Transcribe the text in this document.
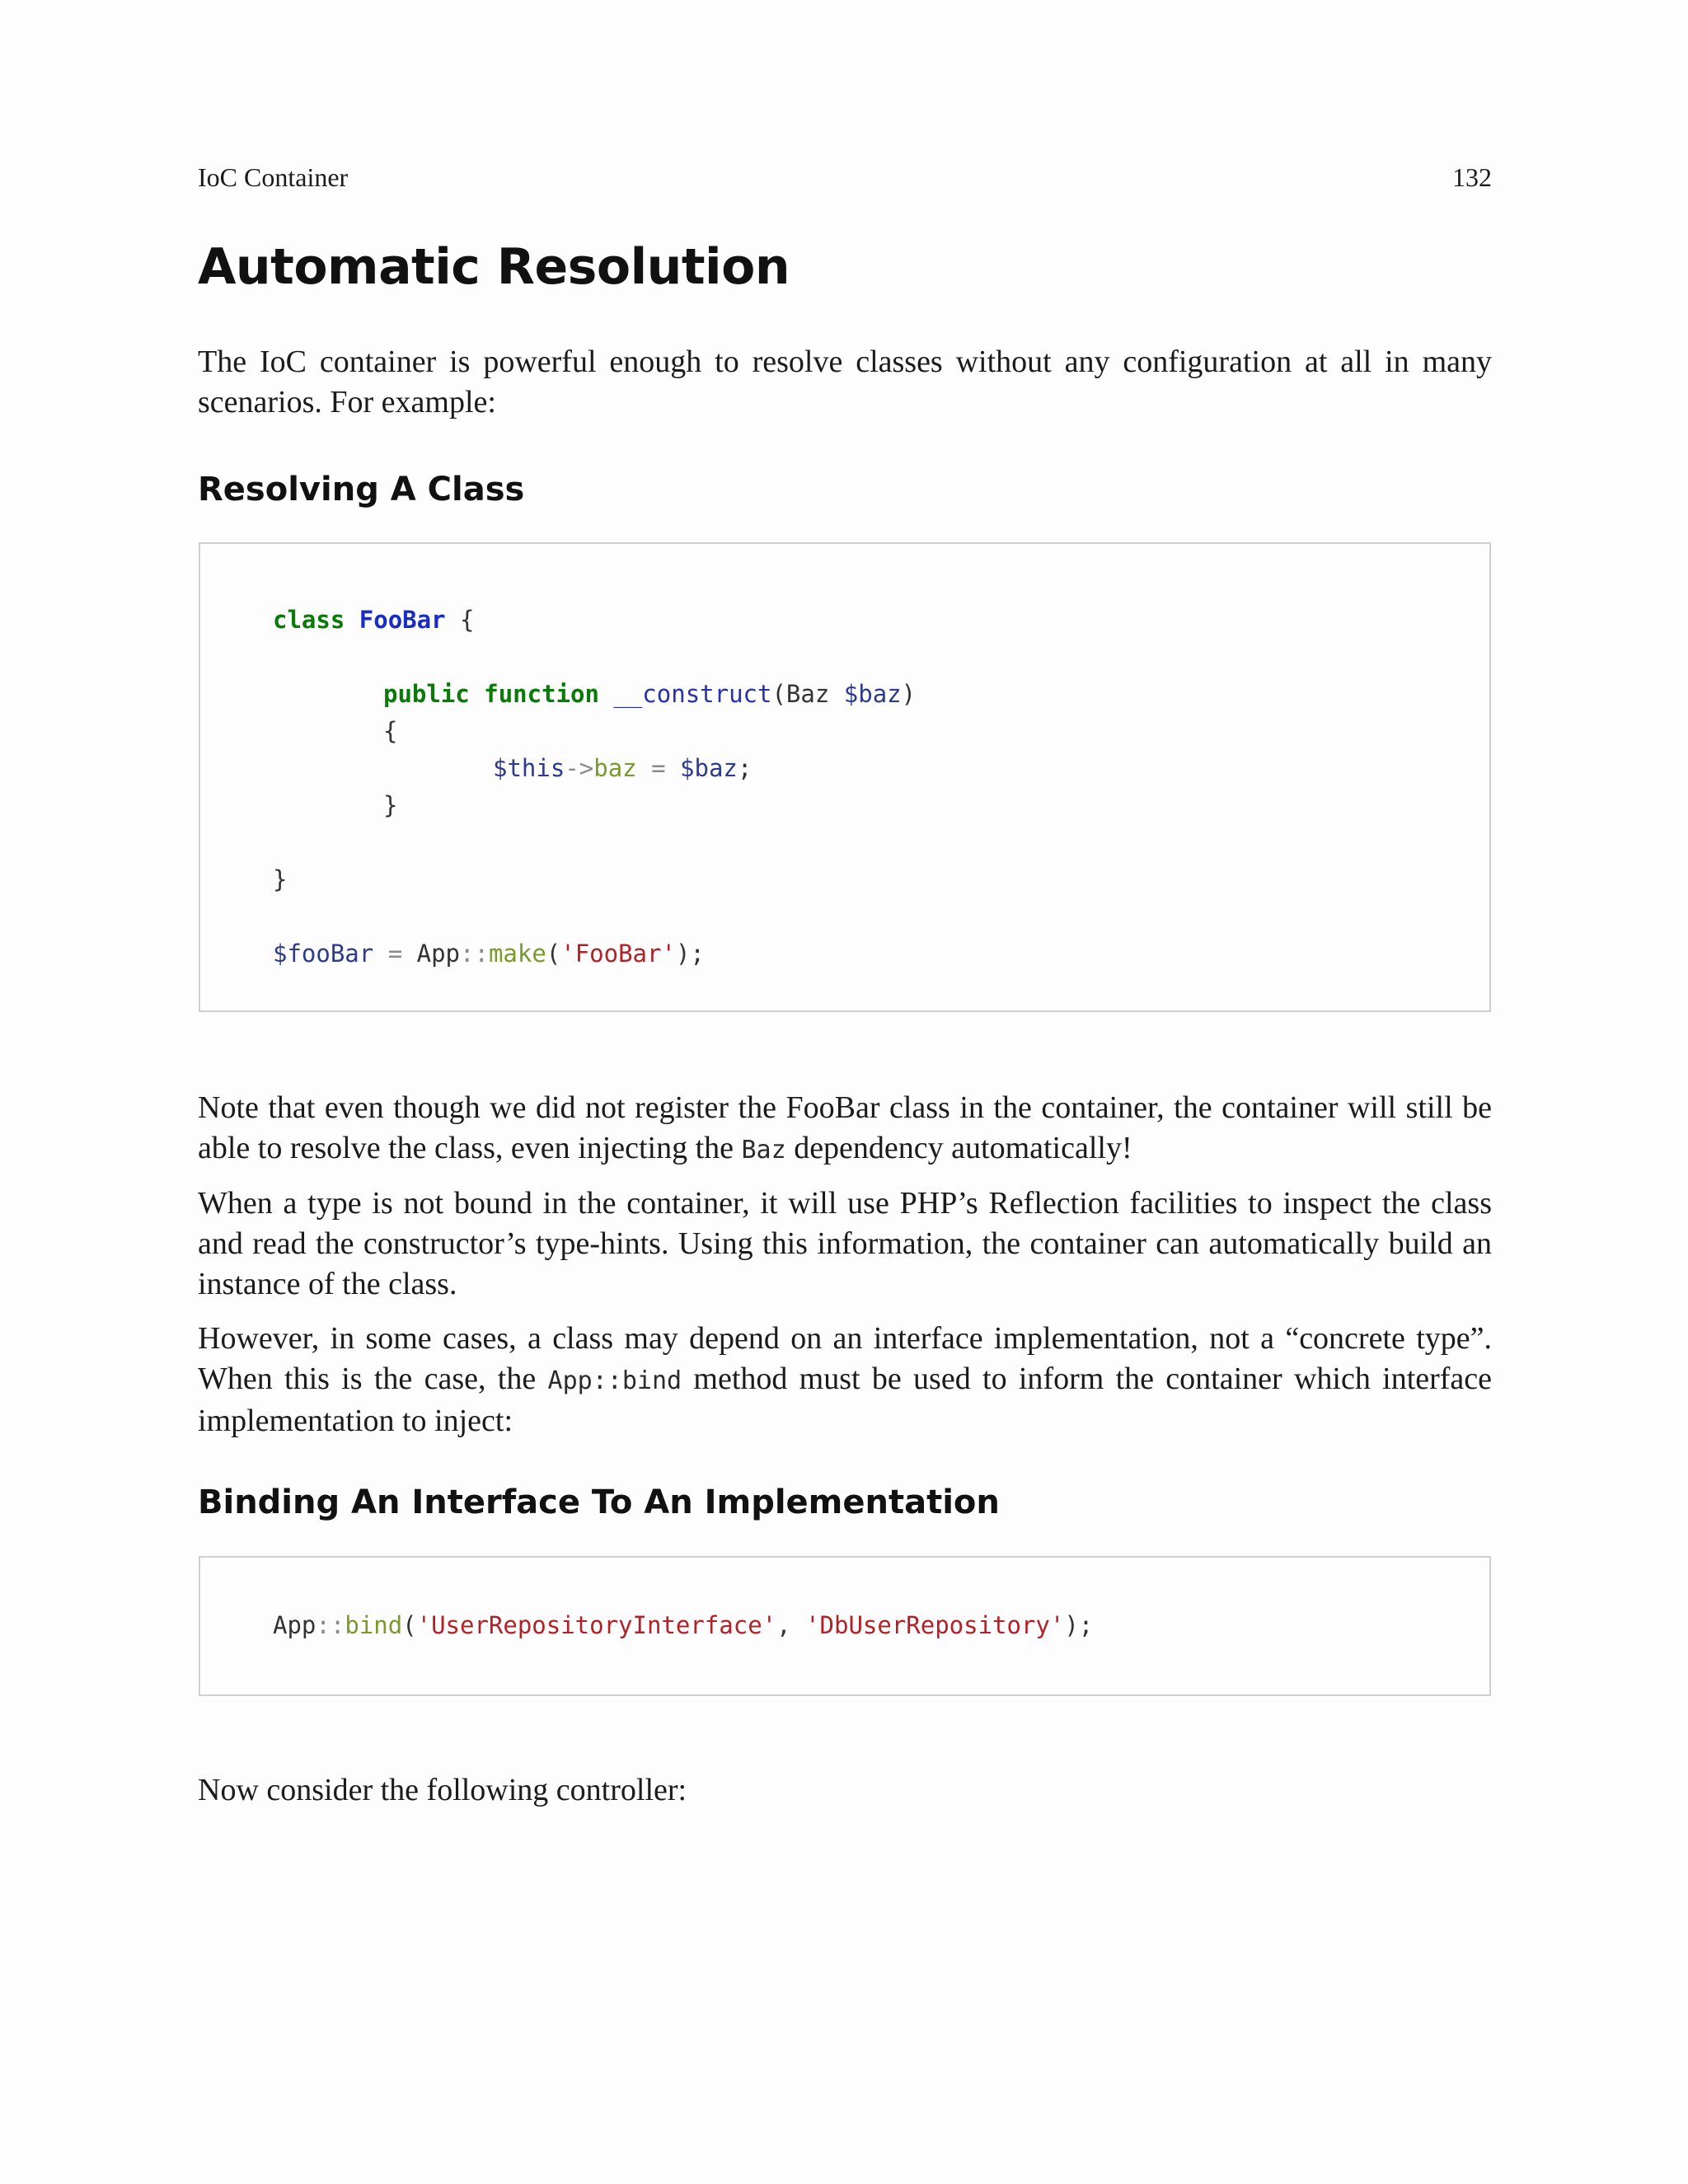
IoC Container	132
Automatic Resolution

The IoC container is powerful enough to resolve classes without any configuration at all in many scenarios. For example:

Resolving A Class
class FooBar {
public function __construct(Baz $baz)
{
$this->baz = $baz;
}
}
$fooBar = App::make('FooBar');

Note that even though we did not register the FooBar class in the container, the container will still be able to resolve the class, even injecting the Baz dependency automatically!

When a type is not bound in the container, it will use PHP’s Reflection facilities to inspect the class and read the constructor’s type-hints. Using this information, the container can automatically build an instance of the class.

However, in some cases, a class may depend on an interface implementation, not a “concrete type”. When this is the case, the App::bind method must be used to inform the container which interface implementation to inject:

Binding An Interface To An Implementation
App::bind('UserRepositoryInterface', 'DbUserRepository');

Now consider the following controller:
